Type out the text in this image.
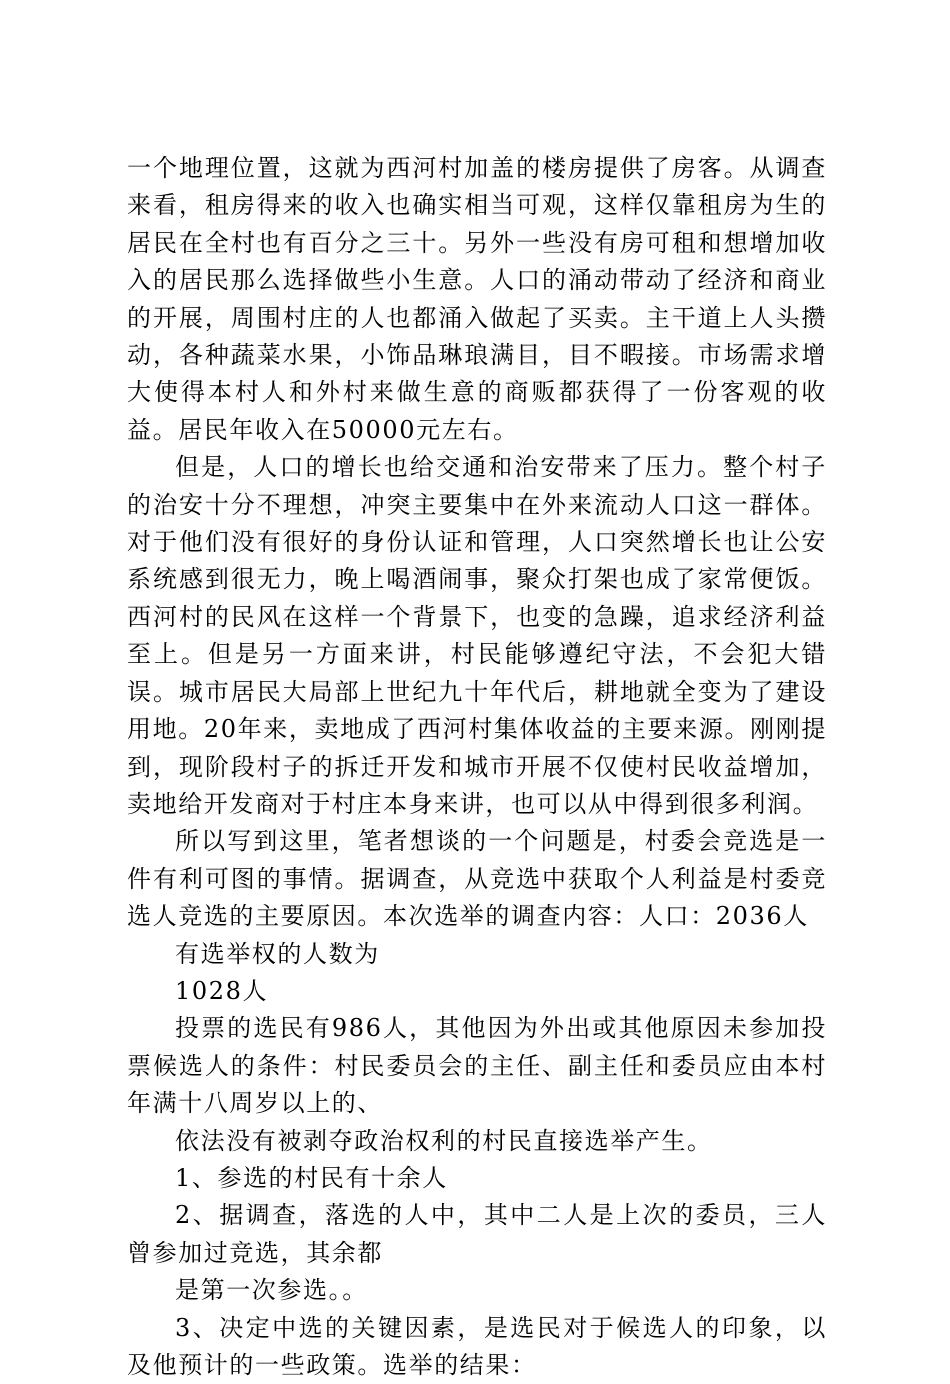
一个地理位置，这就为西河村加盖的楼房提供了房客。从调查来看，租房得来的收入也确实相当可观，这样仅靠租房为生的居民在全村也有百分之三十。另外一些没有房可租和想增加收入的居民那么选择做些小生意。人口的涌动带动了经济和商业的开展，周围村庄的人也都涌入做起了买卖。主干道上人头攒动，各种蔬菜水果，小饰品琳琅满目，目不暇接。市场需求增大使得本村人和外村来做生意的商贩都获得了一份客观的收益。居民年收入在50000元左右。

但是，人口的增长也给交通和治安带来了压力。整个村子的治安十分不理想，冲突主要集中在外来流动人口这一群体。对于他们没有很好的身份认证和管理，人口突然增长也让公安系统感到很无力，晚上喝酒闹事，聚众打架也成了家常便饭。西河村的民风在这样一个背景下，也变的急躁，追求经济利益至上。但是另一方面来讲，村民能够遵纪守法，不会犯大错误。城市居民大局部上世纪九十年代后，耕地就全变为了建设用地。20年来，卖地成了西河村集体收益的主要来源。刚刚提到，现阶段村子的拆迁开发和城市开展不仅使村民收益增加，卖地给开发商对于村庄本身来讲，也可以从中得到很多利润。

所以写到这里，笔者想谈的一个问题是，村委会竞选是一件有利可图的事情。据调查，从竞选中获取个人利益是村委竞选人竞选的主要原因。本次选举的调查内容：人口：2036人

有选举权的人数为

1028人

投票的选民有986人，其他因为外出或其他原因未参加投票候选人的条件：村民委员会的主任、副主任和委员应由本村年满十八周岁以上的、

依法没有被剥夺政治权利的村民直接选举产生。

1、参选的村民有十余人

2、据调查，落选的人中，其中二人是上次的委员，三人曾参加过竞选，其余都

是第一次参选。。

3、决定中选的关键因素，是选民对于候选人的印象，以及他预计的一些政策。选举的结果：
